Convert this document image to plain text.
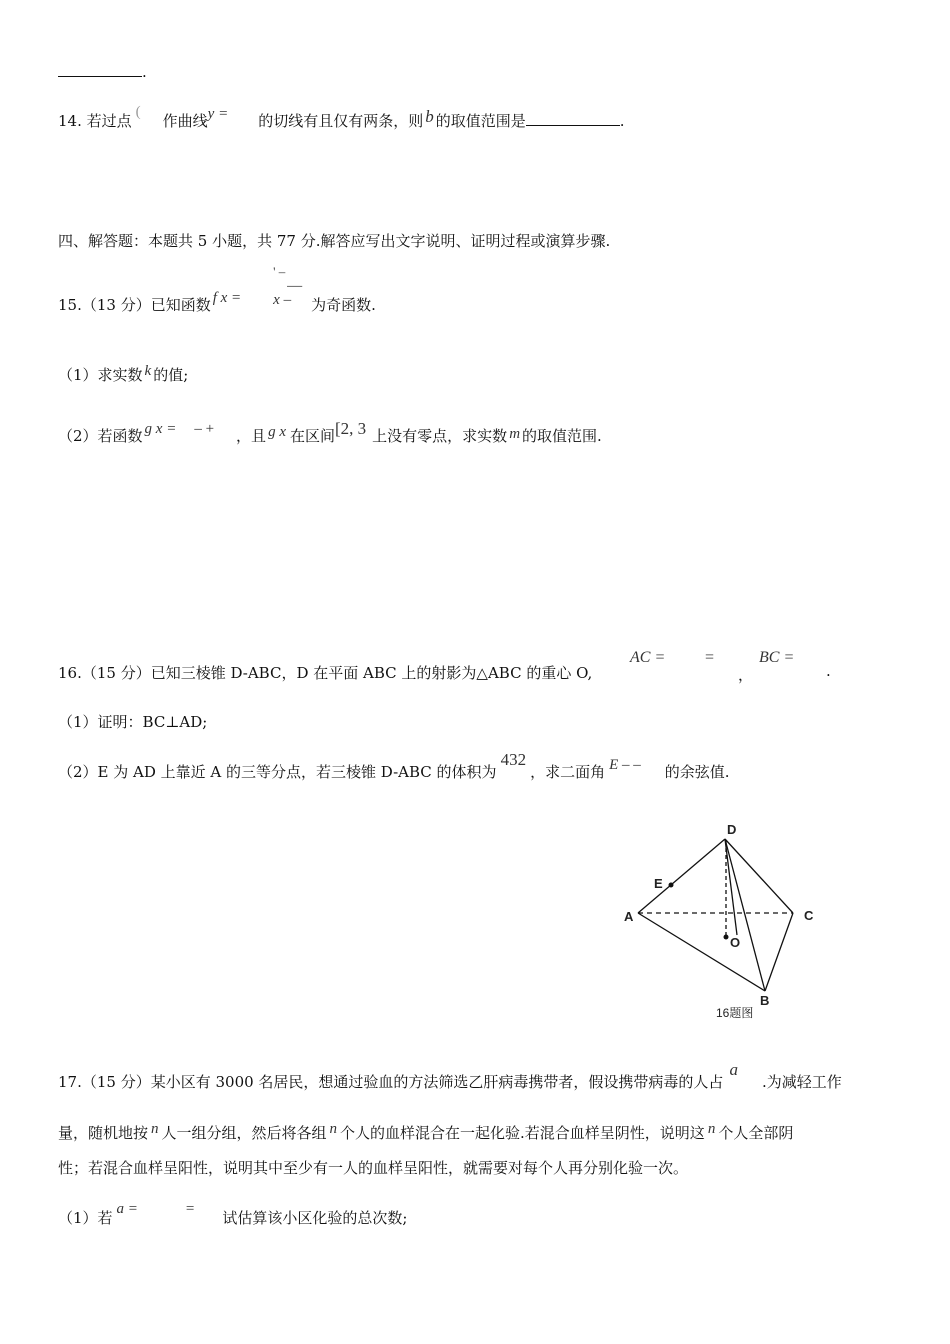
.
14. 若过点 ( 作曲线y = 的切线有且仅有两条，则 b 的取值范围是	.
四、解答题：本题共 5 小题，共 77 分.解答应写出文字说明、证明过程或演算步骤.
15.（13 分）已知函数 f x =
' –
—
x – 为奇函数.
（1）求实数 k 的值;
（2）若函数 g x = – + ，且 g x 在区间[2, 3 上没有零点，求实数 m 的取值范围.
16.（15 分）已知三棱锥 D-ABC，D 在平面 ABC 上的射影为△ABC 的重心 O,
AC = =
，
BC =
.
（1）证明：BC⊥AD;
（2）E 为 AD 上靠近 A 的三等分点，若三棱锥 D-ABC 的体积为432，求二面角 E – – 的余弦值.
D
E
A	C
O
B
16题图
17.（15 分）某小区有 3000 名居民，想通过验血的方法筛选乙肝病毒携带者，假设携带病毒的人占a.为减轻工作
量，随机地按 n 人一组分组，然后将各组 n 个人的血样混合在一起化验.若混合血样呈阴性，说明这 n 个人全部阴
性；若混合血样呈阳性，说明其中至少有一人的血样呈阳性，就需要对每个人再分别化验一次。
（1）若 a =	= 试估算该小区化验的总次数;
